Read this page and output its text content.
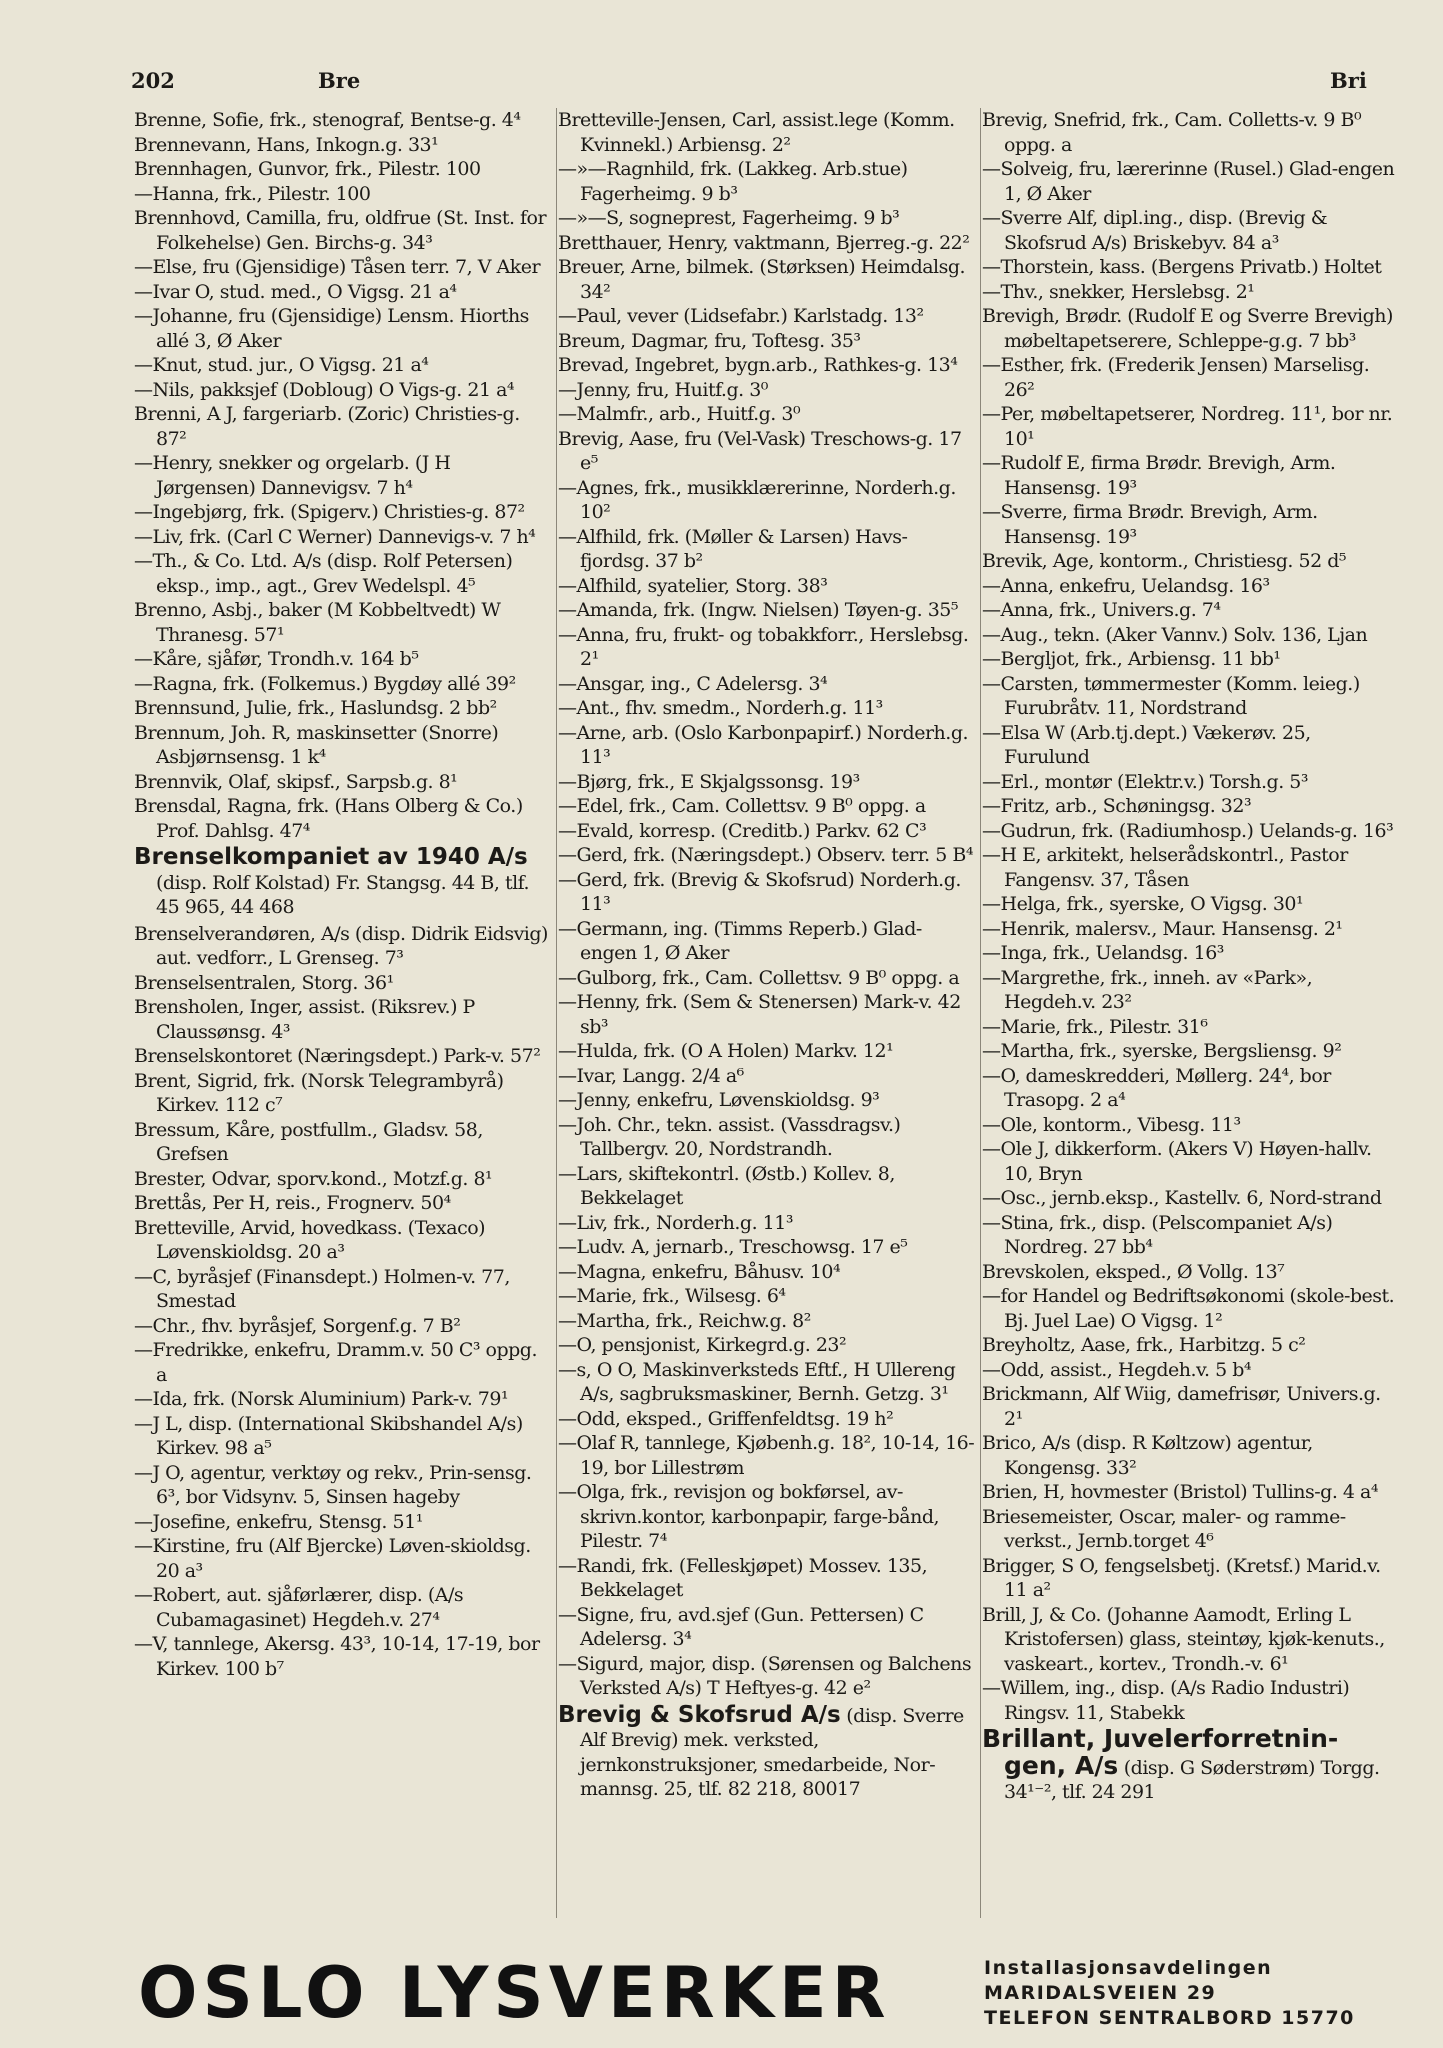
202	Bre	Bri
Brenne, Sofie, frk., stenograf, Bentse-g. 4⁴
Brennevann, Hans, Inkogn.g. 33¹
Brennhagen, Gunvor, frk., Pilestr. 100
—Hanna, frk., Pilestr. 100
Brennhovd, Camilla, fru, oldfrue (St. Inst. for Folkehelse) Gen. Birchs-g. 34³
—Else, fru (Gjensidige) Tåsen terr. 7, V Aker
—Ivar O, stud. med., O Vigsg. 21 a⁴
—Johanne, fru (Gjensidige) Lensm. Hiorths allé 3, Ø Aker
—Knut, stud. jur., O Vigsg. 21 a⁴
—Nils, pakksjef (Dobloug) O Vigs-g. 21 a⁴
Brenni, A J, fargeriarb. (Zoric) Christies-g. 87²
—Henry, snekker og orgelarb. (J H Jørgensen) Dannevigsv. 7 h⁴
—Ingebjørg, frk. (Spigerv.) Christies-g. 87²
—Liv, frk. (Carl C Werner) Dannevigs-v. 7 h⁴
—Th., & Co. Ltd. A/s (disp. Rolf Petersen) eksp., imp., agt., Grev Wedelspl. 4⁵
Brenno, Asbj., baker (M Kobbeltvedt) W Thranesg. 57¹
—Kåre, sjåfør, Trondh.v. 164 b⁵
—Ragna, frk. (Folkemus.) Bygdøy allé 39²
Brennsund, Julie, frk., Haslundsg. 2 bb²
Brennum, Joh. R, maskinsetter (Snorre) Asbjørnsensg. 1 k⁴
Brennvik, Olaf, skipsf., Sarpsb.g. 8¹
Brensdal, Ragna, frk. (Hans Olberg & Co.) Prof. Dahlsg. 47⁴
Brenselkompaniet av 1940 A/s (disp. Rolf Kolstad) Fr. Stangsg. 44 B, tlf. 45 965, 44 468
Brenselverandøren, A/s (disp. Didrik Eidsvig) aut. vedforr., L Grenseg. 7³
Brenselsentralen, Storg. 36¹
Brensholen, Inger, assist. (Riksrev.) P Claussønsg. 4³
Brenselskontoret (Næringsdept.) Park-v. 57²
Brent, Sigrid, frk. (Norsk Telegrambyrå) Kirkev. 112 c⁷
Bressum, Kåre, postfullm., Gladsv. 58, Grefsen
Brester, Odvar, sporv.kond., Motzf.g. 8¹
Brettås, Per H, reis., Frognerv. 50⁴
Bretteville, Arvid, hovedkass. (Texaco) Løvenskioldsg. 20 a³
—C, byråsjef (Finansdept.) Holmen-v. 77, Smestad
—Chr., fhv. byråsjef, Sorgenf.g. 7 B²
—Fredrikke, enkefru, Dramm.v. 50 C³ oppg. a
—Ida, frk. (Norsk Aluminium) Park-v. 79¹
—J L, disp. (International Skibshandel A/s) Kirkev. 98 a⁵
—J O, agentur, verktøy og rekv., Prin-sensg. 6³, bor Vidsynv. 5, Sinsen hageby
—Josefine, enkefru, Stensg. 51¹
—Kirstine, fru (Alf Bjercke) Løven-skioldsg. 20 a³
—Robert, aut. sjåførlærer, disp. (A/s Cubamagasinet) Hegdeh.v. 27⁴
—V, tannlege, Akersg. 43³, 10-14, 17-19, bor Kirkev. 100 b⁷
Bretteville-Jensen, Carl, assist.lege (Komm. Kvinnekl.) Arbiensg. 2²
—»—Ragnhild, frk. (Lakkeg. Arb.stue) Fagerheimg. 9 b³
—»—S, sogneprest, Fagerheimg. 9 b³
Bretthauer, Henry, vaktmann, Bjerreg.-g. 22²
Breuer, Arne, bilmek. (Størksen) Heimdalsg. 34²
—Paul, vever (Lidsefabr.) Karlstadg. 13²
Breum, Dagmar, fru, Toftesg. 35³
Brevad, Ingebret, bygn.arb., Rathkes-g. 13⁴
—Jenny, fru, Huitf.g. 3⁰
—Malmfr., arb., Huitf.g. 3⁰
Brevig, Aase, fru (Vel-Vask) Treschows-g. 17 e⁵
—Agnes, frk., musikklærerinne, Norderh.g. 10²
—Alfhild, frk. (Møller & Larsen) Havs-fjordsg. 37 b²
—Alfhild, syatelier, Storg. 38³
—Amanda, frk. (Ingw. Nielsen) Tøyen-g. 35⁵
—Anna, fru, frukt- og tobakkforr., Herslebsg. 2¹
—Ansgar, ing., C Adelersg. 3⁴
—Ant., fhv. smedm., Norderh.g. 11³
—Arne, arb. (Oslo Karbonpapirf.) Norderh.g. 11³
—Bjørg, frk., E Skjalgssonsg. 19³
—Edel, frk., Cam. Collettsv. 9 B⁰ oppg. a
—Evald, korresp. (Creditb.) Parkv. 62 C³
—Gerd, frk. (Næringsdept.) Observ. terr. 5 B⁴
—Gerd, frk. (Brevig & Skofsrud) Norderh.g. 11³
—Germann, ing. (Timms Reperb.) Glad-engen 1, Ø Aker
—Gulborg, frk., Cam. Collettsv. 9 B⁰ oppg. a
—Henny, frk. (Sem & Stenersen) Mark-v. 42 sb³
—Hulda, frk. (O A Holen) Markv. 12¹
—Ivar, Langg. 2/4 a⁶
—Jenny, enkefru, Løvenskioldsg. 9³
—Joh. Chr., tekn. assist. (Vassdragsv.) Tallbergv. 20, Nordstrandh.
—Lars, skiftekontrl. (Østb.) Kollev. 8, Bekkelaget
—Liv, frk., Norderh.g. 11³
—Ludv. A, jernarb., Treschowsg. 17 e⁵
—Magna, enkefru, Båhusv. 10⁴
—Marie, frk., Wilsesg. 6⁴
—Martha, frk., Reichw.g. 8²
—O, pensjonist, Kirkegrd.g. 23²
—s, O O, Maskinverksteds Eftf., H Ullereng A/s, sagbruksmaskiner, Bernh. Getzg. 3¹
—Odd, eksped., Griffenfeldtsg. 19 h²
—Olaf R, tannlege, Kjøbenh.g. 18², 10-14, 16-19, bor Lillestrøm
—Olga, frk., revisjon og bokførsel, av-skrivn.kontor, karbonpapir, farge-bånd, Pilestr. 7⁴
—Randi, frk. (Felleskjøpet) Mossev. 135, Bekkelaget
—Signe, fru, avd.sjef (Gun. Pettersen) C Adelersg. 3⁴
—Sigurd, major, disp. (Sørensen og Balchens Verksted A/s) T Heftyes-g. 42 e²
Brevig & Skofsrud A/s (disp. Sverre Alf Brevig) mek. verksted, jernkonstruksjoner, smedarbeide, Nor-mannsg. 25, tlf. 82 218, 80017
Brevig, Snefrid, frk., Cam. Colletts-v. 9 B⁰ oppg. a
—Solveig, fru, lærerinne (Rusel.) Glad-engen 1, Ø Aker
—Sverre Alf, dipl.ing., disp. (Brevig & Skofsrud A/s) Briskebyv. 84 a³
—Thorstein, kass. (Bergens Privatb.) Holtet
—Thv., snekker, Herslebsg. 2¹
Brevigh, Brødr. (Rudolf E og Sverre Brevigh) møbeltapetserere, Schleppe-g.g. 7 bb³
—Esther, frk. (Frederik Jensen) Marselisg. 26²
—Per, møbeltapetserer, Nordreg. 11¹, bor nr. 10¹
—Rudolf E, firma Brødr. Brevigh, Arm. Hansensg. 19³
—Sverre, firma Brødr. Brevigh, Arm. Hansensg. 19³
Brevik, Age, kontorm., Christiesg. 52 d⁵
—Anna, enkefru, Uelandsg. 16³
—Anna, frk., Univers.g. 7⁴
—Aug., tekn. (Aker Vannv.) Solv. 136, Ljan
—Bergljot, frk., Arbiensg. 11 bb¹
—Carsten, tømmermester (Komm. leieg.) Furubråtv. 11, Nordstrand
—Elsa W (Arb.tj.dept.) Vækerøv. 25, Furulund
—Erl., montør (Elektr.v.) Torsh.g. 5³
—Fritz, arb., Schøningsg. 32³
—Gudrun, frk. (Radiumhosp.) Uelands-g. 16³
—H E, arkitekt, helserådskontrl., Pastor Fangensv. 37, Tåsen
—Helga, frk., syerske, O Vigsg. 30¹
—Henrik, malersv., Maur. Hansensg. 2¹
—Inga, frk., Uelandsg. 16³
—Margrethe, frk., inneh. av «Park», Hegdeh.v. 23²
—Marie, frk., Pilestr. 31⁶
—Martha, frk., syerske, Bergsliensg. 9²
—O, dameskredderi, Møllerg. 24⁴, bor Trasopg. 2 a⁴
—Ole, kontorm., Vibesg. 11³
—Ole J, dikkerform. (Akers V) Høyen-hallv. 10, Bryn
—Osc., jernb.eksp., Kastellv. 6, Nord-strand
—Stina, frk., disp. (Pelscompaniet A/s) Nordreg. 27 bb⁴
Brevskolen, eksped., Ø Vollg. 13⁷
—for Handel og Bedriftsøkonomi (skole-best. Bj. Juel Lae) O Vigsg. 1²
Breyholtz, Aase, frk., Harbitzg. 5 c²
—Odd, assist., Hegdeh.v. 5 b⁴
Brickmann, Alf Wiig, damefrisør, Univers.g. 2¹
Brico, A/s (disp. R Køltzow) agentur, Kongensg. 33²
Brien, H, hovmester (Bristol) Tullins-g. 4 a⁴
Briesemeister, Oscar, maler- og ramme-verkst., Jernb.torget 4⁶
Brigger, S O, fengselsbetj. (Kretsf.) Marid.v. 11 a²
Brill, J, & Co. (Johanne Aamodt, Erling L Kristofersen) glass, steintøy, kjøk-kenuts., vaskeart., kortev., Trondh.-v. 6¹
—Willem, ing., disp. (A/s Radio Industri) Ringsv. 11, Stabekk
Brillant, Juvelerforretnin-gen, A/s (disp. G Søderstrøm) Torgg. 34¹⁻², tlf. 24 291
OSLO LYSVERKER	Installasjonsavdelingen
MARIDALSVEIEN 29
TELEFON SENTRALBORD 15770
